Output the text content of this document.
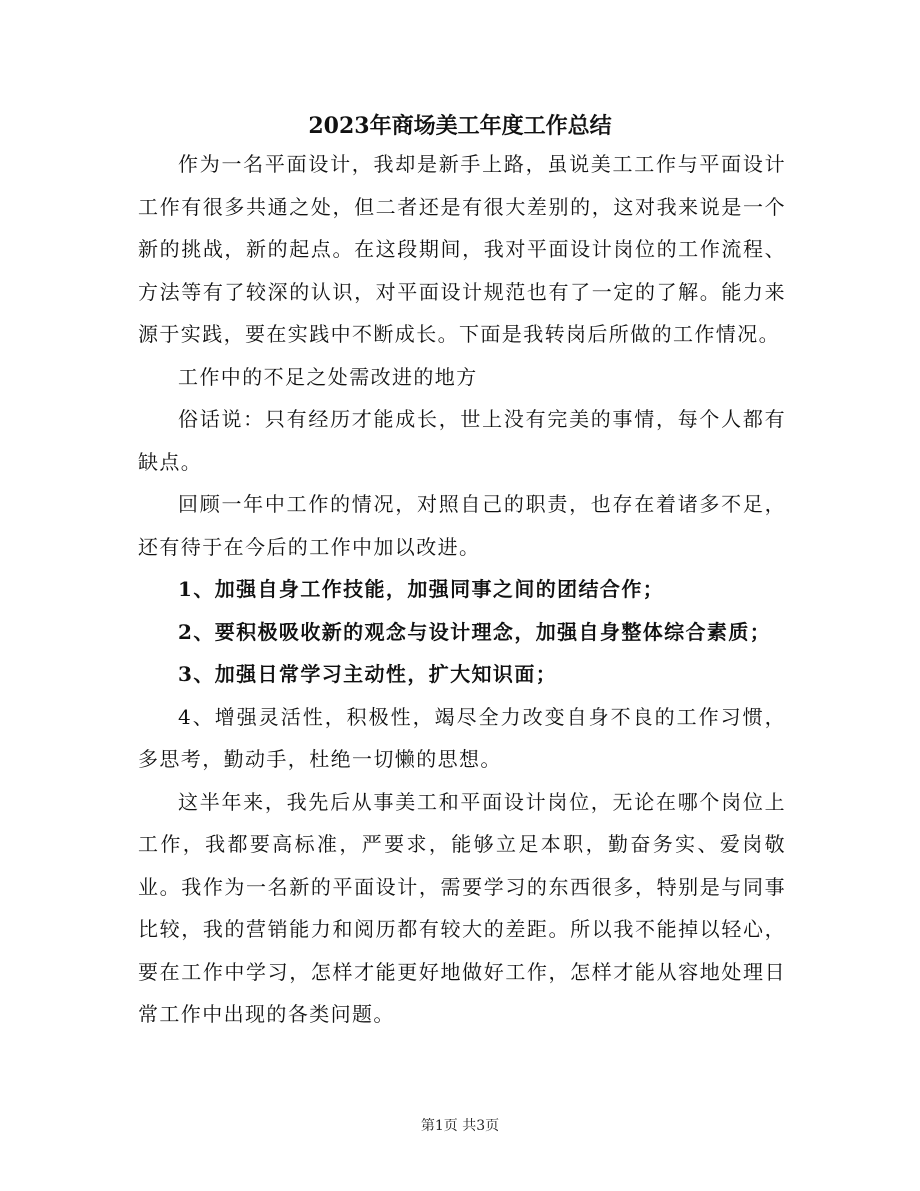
2023年商场美工年度工作总结

作为一名平面设计，我却是新手上路，虽说美工工作与平面设计工作有很多共通之处，但二者还是有很大差别的，这对我来说是一个新的挑战，新的起点。在这段期间，我对平面设计岗位的工作流程、方法等有了较深的认识，对平面设计规范也有了一定的了解。能力来源于实践，要在实践中不断成长。下面是我转岗后所做的工作情况。

工作中的不足之处需改进的地方

俗话说：只有经历才能成长，世上没有完美的事情，每个人都有缺点。

回顾一年中工作的情况，对照自己的职责，也存在着诸多不足，还有待于在今后的工作中加以改进。

1、加强自身工作技能，加强同事之间的团结合作；

2、要积极吸收新的观念与设计理念，加强自身整体综合素质；

3、加强日常学习主动性，扩大知识面；

4、增强灵活性，积极性，竭尽全力改变自身不良的工作习惯，多思考，勤动手，杜绝一切懒的思想。

这半年来，我先后从事美工和平面设计岗位，无论在哪个岗位上工作，我都要高标准，严要求，能够立足本职，勤奋务实、爱岗敬业。我作为一名新的平面设计，需要学习的东西很多，特别是与同事比较，我的营销能力和阅历都有较大的差距。所以我不能掉以轻心，要在工作中学习，怎样才能更好地做好工作，怎样才能从容地处理日常工作中出现的各类问题。

第1页 共3页
